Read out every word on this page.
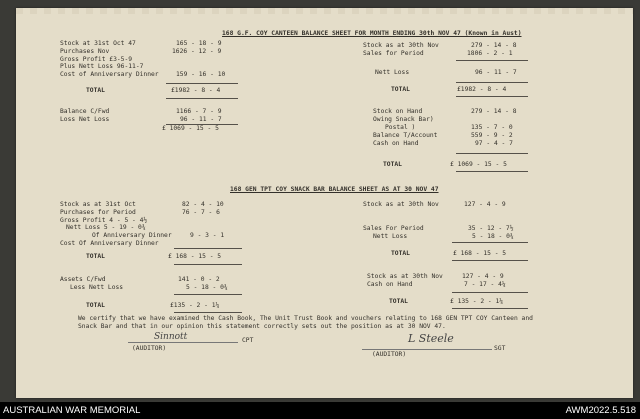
168 G.F. COY CANTEEN BALANCE SHEET FOR MONTH ENDING 30th NOV 47 (Known in Aust)
Stock at 31st Oct 47	165 - 18 - 9
Purchases Nov	1626 - 12 - 9
Gross Profit £3-5-9
Plus Nett Loss 96-11-7
Cost of Anniversary Dinner	159 - 16 - 10
TOTAL	£1982 - 8 - 4
Balance C/Fwd	1166 - 7 - 9
Loss Net Loss	96 - 11 - 7
£ 1069 - 15 - 5
Stock as at 30th Nov	279 - 14 - 8
Sales for Period	1806 - 2 - 1
Nett Loss	96 - 11 - 7
TOTAL	£1982 - 8 - 4
Stock on Hand	279 - 14 - 8
Owing Snack Bar)
Postal )	135 - 7 - 0
Balance T/Account	559 - 9 - 2
Cash on Hand	97 - 4 - 7
TOTAL	£ 1069 - 15 - 5
168 GEN TPT COY SNACK BAR BALANCE SHEET AS AT 30 NOV 47
Stock as at 31st Oct	82 - 4 - 10
Purchases for Period	76 - 7 - 6
Gross Profit 4 - 5 - 4½
Nett Loss 5 - 19 - 0¾
Of Anniversary Dinner	9 - 3 - 1
Cost Of Anniversary Dinner
TOTAL	£ 168 - 15 - 5
Assets C/Fwd	141 - 0 - 2
Less Nett Loss	5 - 18 - 0¾
TOTAL	£135 - 2 - 1¼
Stock as at 30th Nov	127 - 4 - 9
Sales For Period	35 - 12 - 7½
Nett Loss	5 - 18 - 0¾
TOTAL	£ 168 - 15 - 5
Stock as at 30th Nov	127 - 4 - 9
Cash on Hand	7 - 17 - 4¼
TOTAL	£ 135 - 2 - 1¼
We certify that we have examined the Cash Book, The Unit Trust Book and vouchers relating to 168 GEN TPT COY Canteen and
Snack Bar and that in our opinion this statement correctly sets out the position as at 30 NOV 47.
Sinnott	CPT
(AUDITOR)
L Steele
SGT
(AUDITOR)
AUSTRALIAN WAR MEMORIAL	AWM2022.5.518
